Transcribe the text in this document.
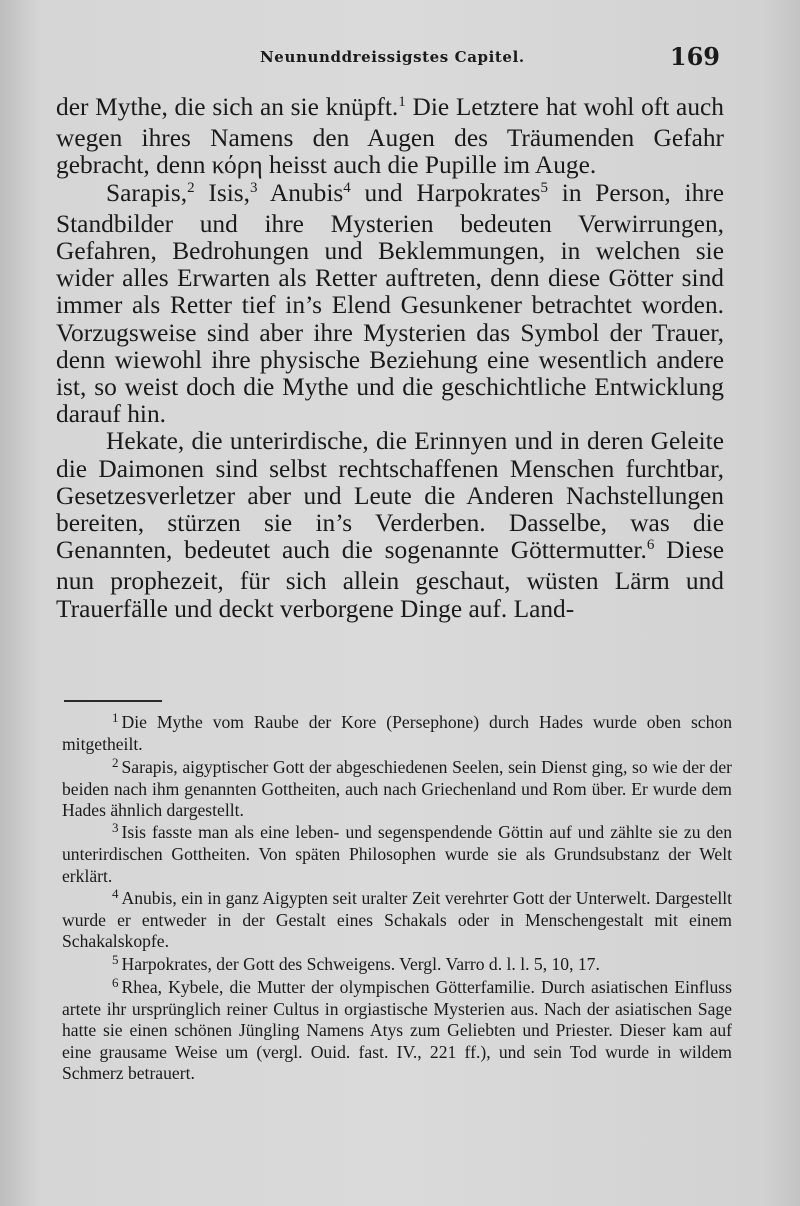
Neununddreissigstes Capitel.	169

der Mythe, die sich an sie knüpft.$^1$ Die Letztere hat wohl oft auch wegen ihres Namens den Augen des Träumenden Gefahr gebracht, denn κόρη heisst auch die Pupille im Auge.

Sarapis,$^2$ Isis,$^3$ Anubis$^4$ und Harpokrates$^5$ in Person, ihre Standbilder und ihre Mysterien bedeuten Verwirrungen, Gefahren, Bedrohungen und Beklemmungen, in welchen sie wider alles Erwarten als Retter auftreten, denn diese Götter sind immer als Retter tief in’s Elend Gesunkener betrachtet worden. Vorzugsweise sind aber ihre Mysterien das Symbol der Trauer, denn wiewohl ihre physische Beziehung eine wesentlich andere ist, so weist doch die Mythe und die geschichtliche Entwicklung darauf hin.

Hekate, die unterirdische, die Erinnyen und in deren Geleite die Daimonen sind selbst rechtschaffenen Menschen furchtbar, Gesetzesverletzer aber und Leute die Anderen Nachstellungen bereiten, stürzen sie in’s Verderben. Dasselbe, was die Genannten, bedeutet auch die sogenannte Göttermutter.$^6$ Diese nun prophezeit, für sich allein geschaut, wüsten Lärm und Trauerfälle und deckt verborgene Dinge auf. Land-

$^1$ Die Mythe vom Raube der Kore (Persephone) durch Hades wurde oben schon mitgetheilt.

$^2$ Sarapis, aigyptischer Gott der abgeschiedenen Seelen, sein Dienst ging, so wie der der beiden nach ihm genannten Gottheiten, auch nach Griechenland und Rom über. Er wurde dem Hades ähnlich dargestellt.

$^3$ Isis fasste man als eine leben- und segenspendende Göttin auf und zählte sie zu den unterirdischen Gottheiten. Von späten Philosophen wurde sie als Grundsubstanz der Welt erklärt.

$^4$ Anubis, ein in ganz Aigypten seit uralter Zeit verehrter Gott der Unterwelt. Dargestellt wurde er entweder in der Gestalt eines Schakals oder in Menschengestalt mit einem Schakalskopfe.

$^5$ Harpokrates, der Gott des Schweigens. Vergl. Varro d. l. l. 5, 10, 17.

$^6$ Rhea, Kybele, die Mutter der olympischen Götterfamilie. Durch asiatischen Einfluss artete ihr ursprünglich reiner Cultus in orgiastische Mysterien aus. Nach der asiatischen Sage hatte sie einen schönen Jüngling Namens Atys zum Geliebten und Priester. Dieser kam auf eine grausame Weise um (vergl. Ouid. fast. IV., 221 ff.), und sein Tod wurde in wildem Schmerz betrauert.
